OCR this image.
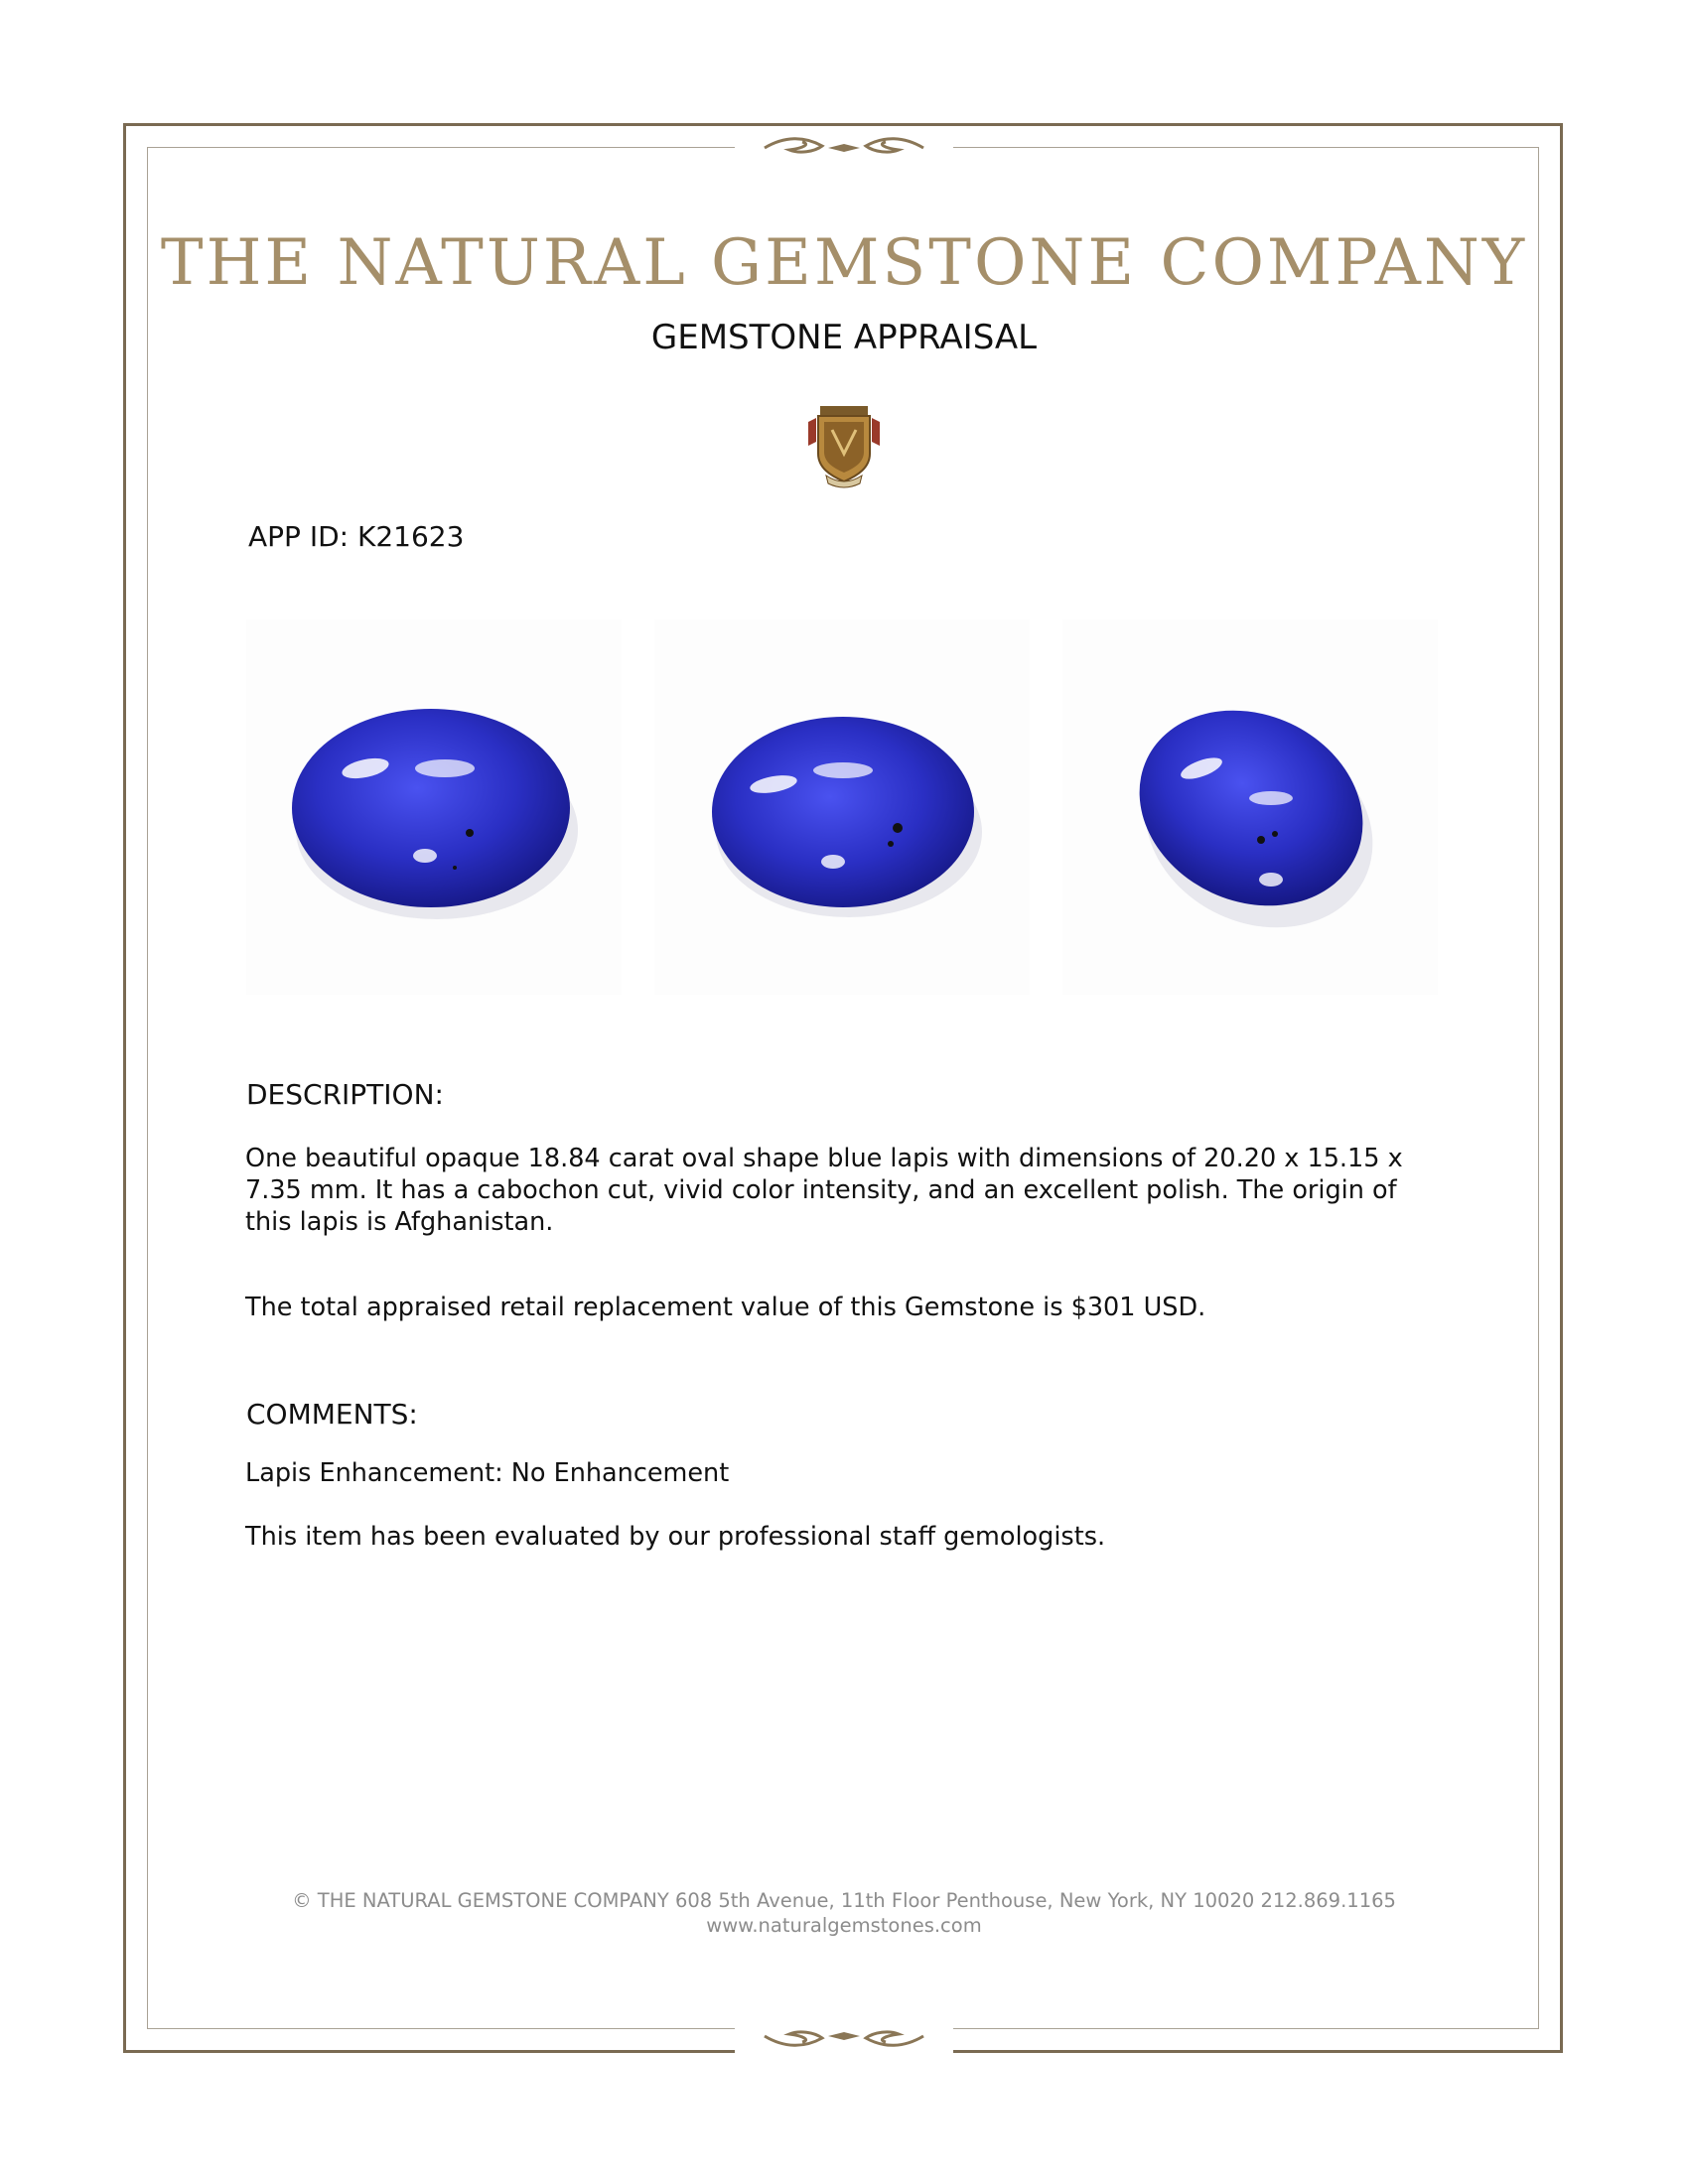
THE NATURAL GEMSTONE COMPANY
GEMSTONE APPRAISAL
APP ID: K21623
DESCRIPTION:

One beautiful opaque 18.84 carat oval shape blue lapis with dimensions of 20.20 x 15.15 x 7.35 mm. It has a cabochon cut, vivid color intensity, and an excellent polish. The origin of this lapis is Afghanistan.

The total appraised retail replacement value of this Gemstone is $301 USD.

COMMENTS:

Lapis Enhancement: No Enhancement

This item has been evaluated by our professional staff gemologists.

© THE NATURAL GEMSTONE COMPANY 608 5th Avenue, 11th Floor Penthouse, New York, NY 10020 212.869.1165
www.naturalgemstones.com
